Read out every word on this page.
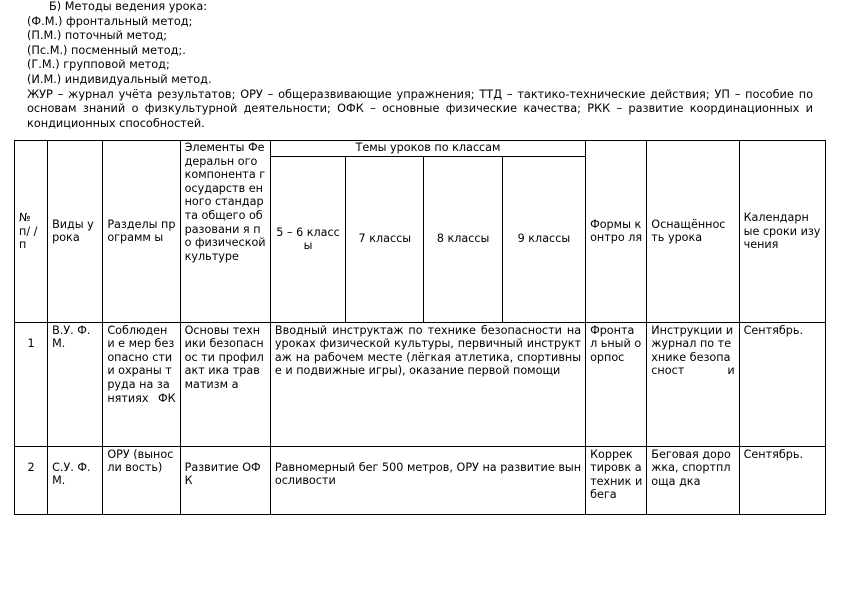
Б) Методы ведения урока:
(Ф.М.) фронтальный метод;
(П.М.) поточный метод;
(Пс.М.) посменный метод;.
(Г.М.) групповой метод;
(И.М.) индивидуальный метод.
ЖУР – журнал учёта результатов; ОРУ – общеразвивающие упражнения; ТТД – тактико-технические действия; УП – пособие по основам знаний о физкультурной деятельности; ОФК – основные физические качества; РКК – развитие координационных и кондиционных способностей.
№ п/ /п	Виды урока	Разделы программ ы	Элементы Федеральн ого компонента государств ен ного стандарта общего образовани я по физической культуре	Темы уроков по классам				Формы контро ля	Оснащённос ть урока	Календарн ые сроки изучения
				5 – 6 классы	7 классы	8 классы	9 классы			
1	В.У. Ф.М.	Соблюден и е мер безопасно сти и охраны труда на занятиях ФК	Основы техники безопаснос ти профилакт ика травматизм а	Вводный инструктаж по технике безопасности на уроках физической культуры, первичный инструктаж на рабочем месте (лёгкая атлетика, спортивные и подвижные игры), оказание первой помощи				Фронта л ьный оорпос	Инструкции и журнал по технике безопасност и	Сентябрь.
2	С.У. Ф.М.	ОРУ (выносли вость)	Развитие ОФК	Равномерный бег 500 метров, ОРУ на развитие выносливости				Коррек тировк а техник и бега	Беговая дорожка, спортплоща дка	Сентябрь.
